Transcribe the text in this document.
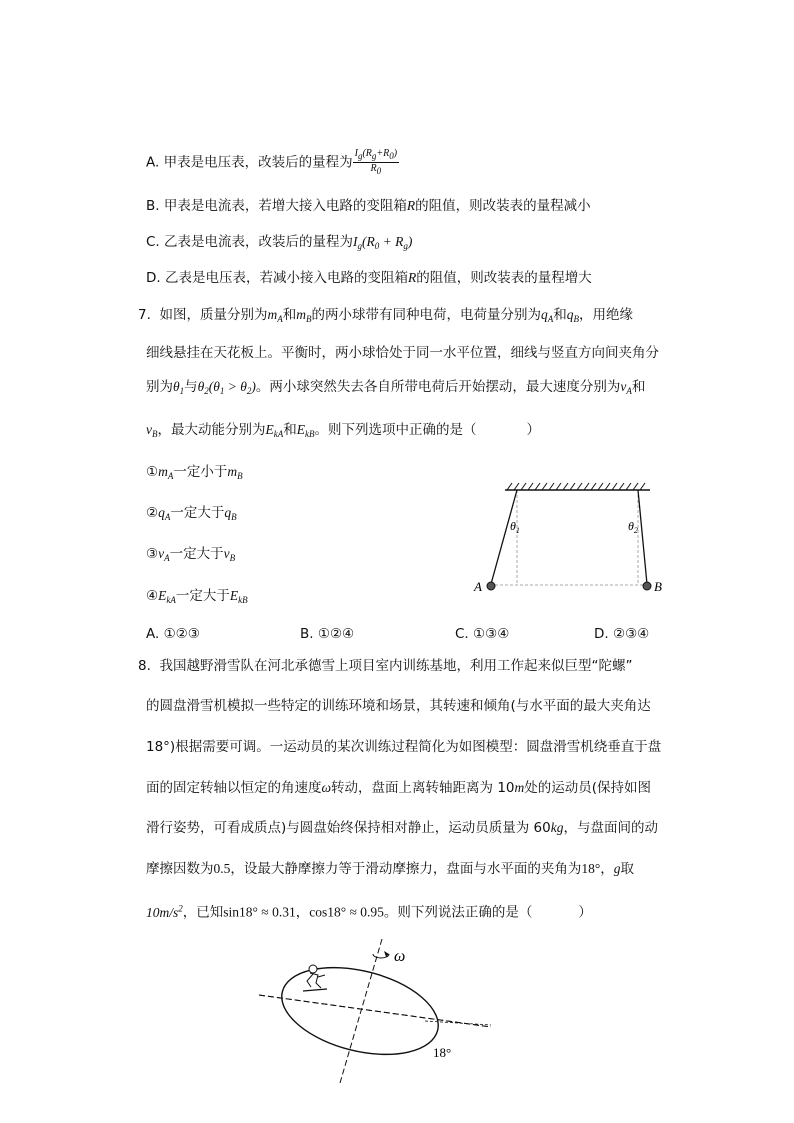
A. 甲表是电压表，改装后的量程为 $\frac{I_g(R_g+R_0)}{R_0}$
B. 甲表是电流表，若增大接入电路的变阻箱R的阻值，则改装表的量程减小
C. 乙表是电流表，改装后的量程为$I_g(R_0 + R_g)$
D. 乙表是电压表，若减小接入电路的变阻箱R的阻值，则改装表的量程增大
7. 如图，质量分别为$m_A$和$m_B$的两小球带有同种电荷，电荷量分别为$q_A$和$q_B$，用绝缘
细线悬挂在天花板上。平衡时，两小球恰处于同一水平位置，细线与竖直方向间夹角分
别为$\theta_1$与$\theta_2(\theta_1 > \theta_2)$。两小球突然失去各自所带电荷后开始摆动，最大速度分别为$v_A$和
$v_B$，最大动能分别为$E_{kA}$和$E_{kB}$。则下列选项中正确的是（	）
$①m_A$一定小于$m_B$
$②q_A$一定大于$q_B$
$③v_A$一定大于$v_B$
$④E_{kA}$一定大于$E_{kB}$
$\theta_1$	$\theta_2$
A	B
A. ①②③	B. ①②④	C. ①③④	D. ②③④
8. 我国越野滑雪队在河北承德雪上项目室内训练基地，利用工作起来似巨型“陀螺”
的圆盘滑雪机模拟一些特定的训练环境和场景，其转速和倾角(与水平面的最大夹角达
18°)根据需要可调。一运动员的某次训练过程简化为如图模型：圆盘滑雪机绕垂直于盘
面的固定转轴以恒定的角速度ω转动，盘面上离转轴距离为 10m处的运动员(保持如图
滑行姿势，可看成质点)与圆盘始终保持相对静止，运动员质量为 60kg，与盘面间的动
摩擦因数为0.5，设最大静摩擦力等于滑动摩擦力，盘面与水平面的夹角为18°，g取
$10m/s^2$，已知sin18° ≈ 0.31，cos18° ≈ 0.95。则下列说法正确的是（	）
ω
18°
